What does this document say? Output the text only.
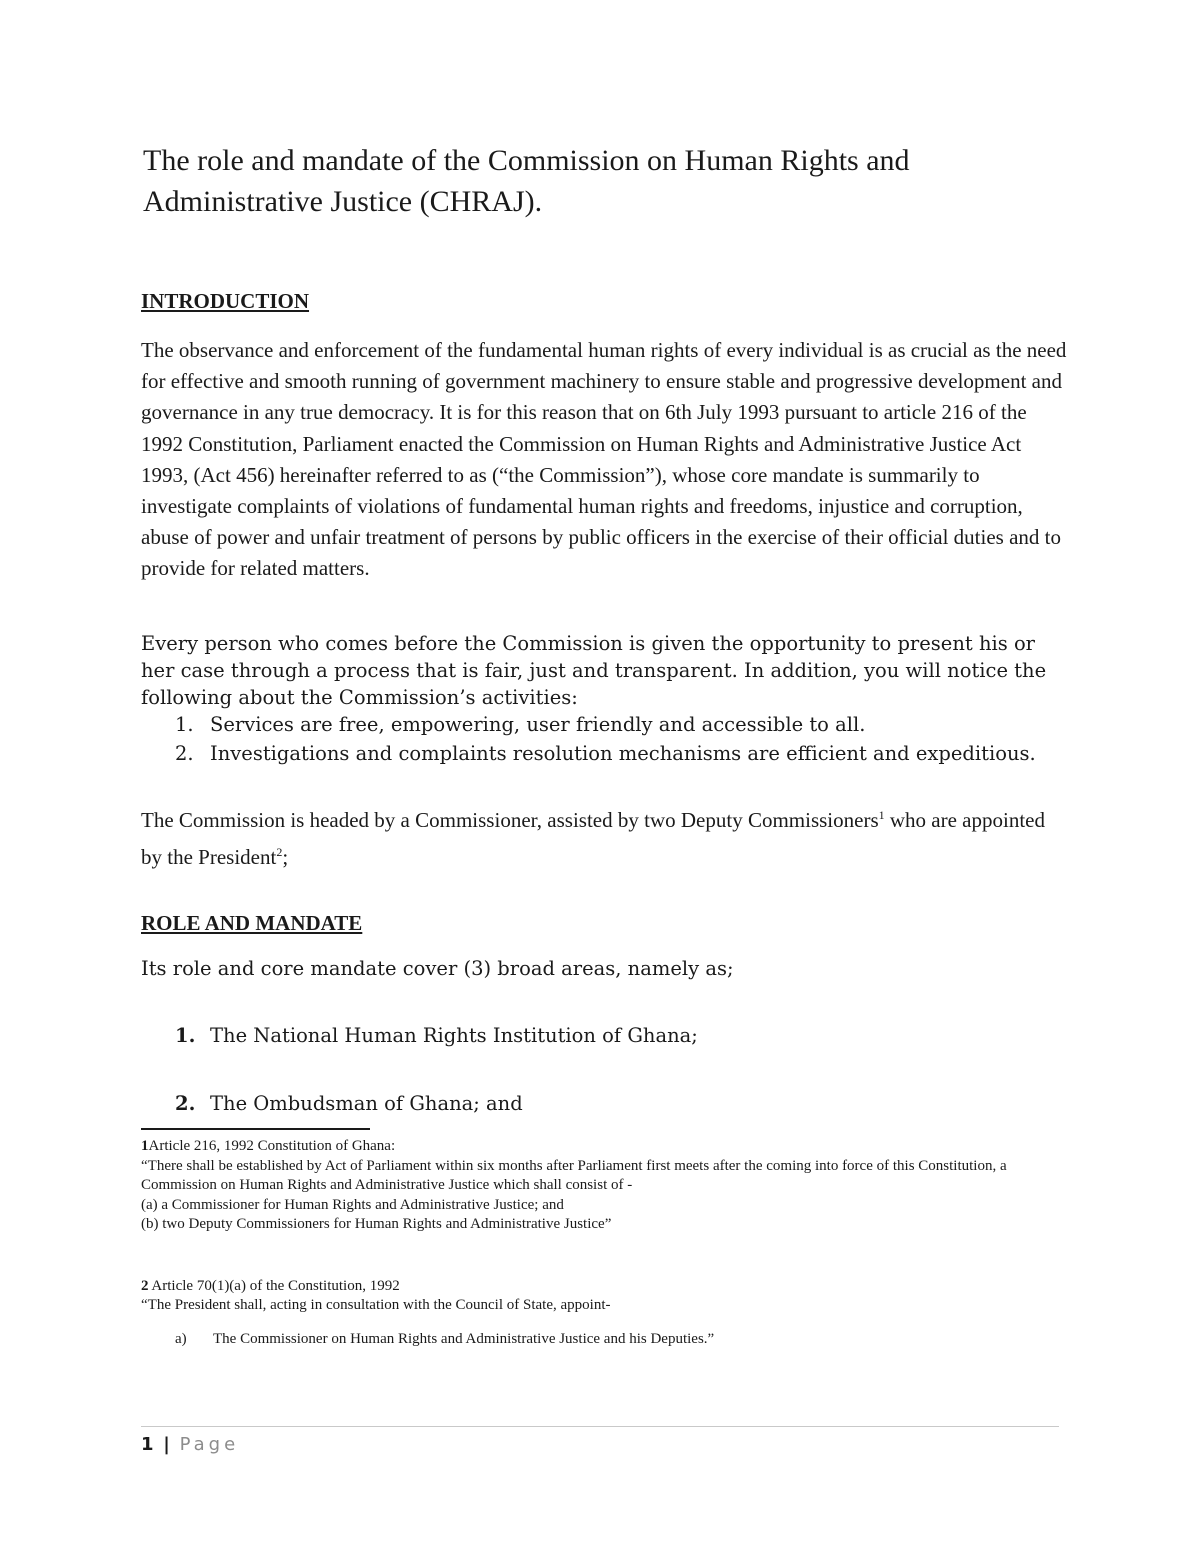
The role and mandate of the Commission on Human Rights and Administrative Justice (CHRAJ).
INTRODUCTION

The observance and enforcement of the fundamental human rights of every individual is as crucial as the need for effective and smooth running of government machinery to ensure stable and progressive development and governance in any true democracy. It is for this reason that on 6th July 1993 pursuant to article 216 of the 1992 Constitution, Parliament enacted the Commission on Human Rights and Administrative Justice Act 1993, (Act 456) hereinafter referred to as (“the Commission”), whose core mandate is summarily to investigate complaints of violations of fundamental human rights and freedoms, injustice and corruption, abuse of power and unfair treatment of persons by public officers in the exercise of their official duties and to provide for related matters.

Every person who comes before the Commission is given the opportunity to present his or her case through a process that is fair, just and transparent. In addition, you will notice the following about the Commission’s activities:

1. Services are free, empowering, user friendly and accessible to all.
2. Investigations and complaints resolution mechanisms are efficient and expeditious.

The Commission is headed by a Commissioner, assisted by two Deputy Commissioners$^1$ who are appointed by the President$^2$;

ROLE AND MANDATE

Its role and core mandate cover (3) broad areas, namely as;

1. The National Human Rights Institution of Ghana;

2. The Ombudsman of Ghana; and

1Article 216, 1992 Constitution of Ghana:

“There shall be established by Act of Parliament within six months after Parliament first meets after the coming into force of this Constitution, a Commission on Human Rights and Administrative Justice which shall consist of -

(a) a Commissioner for Human Rights and Administrative Justice; and

(b) two Deputy Commissioners for Human Rights and Administrative Justice”

2 Article 70(1)(a) of the Constitution, 1992

“The President shall, acting in consultation with the Council of State, appoint-

a)	The Commissioner on Human Rights and Administrative Justice and his Deputies.”

1 | Page
